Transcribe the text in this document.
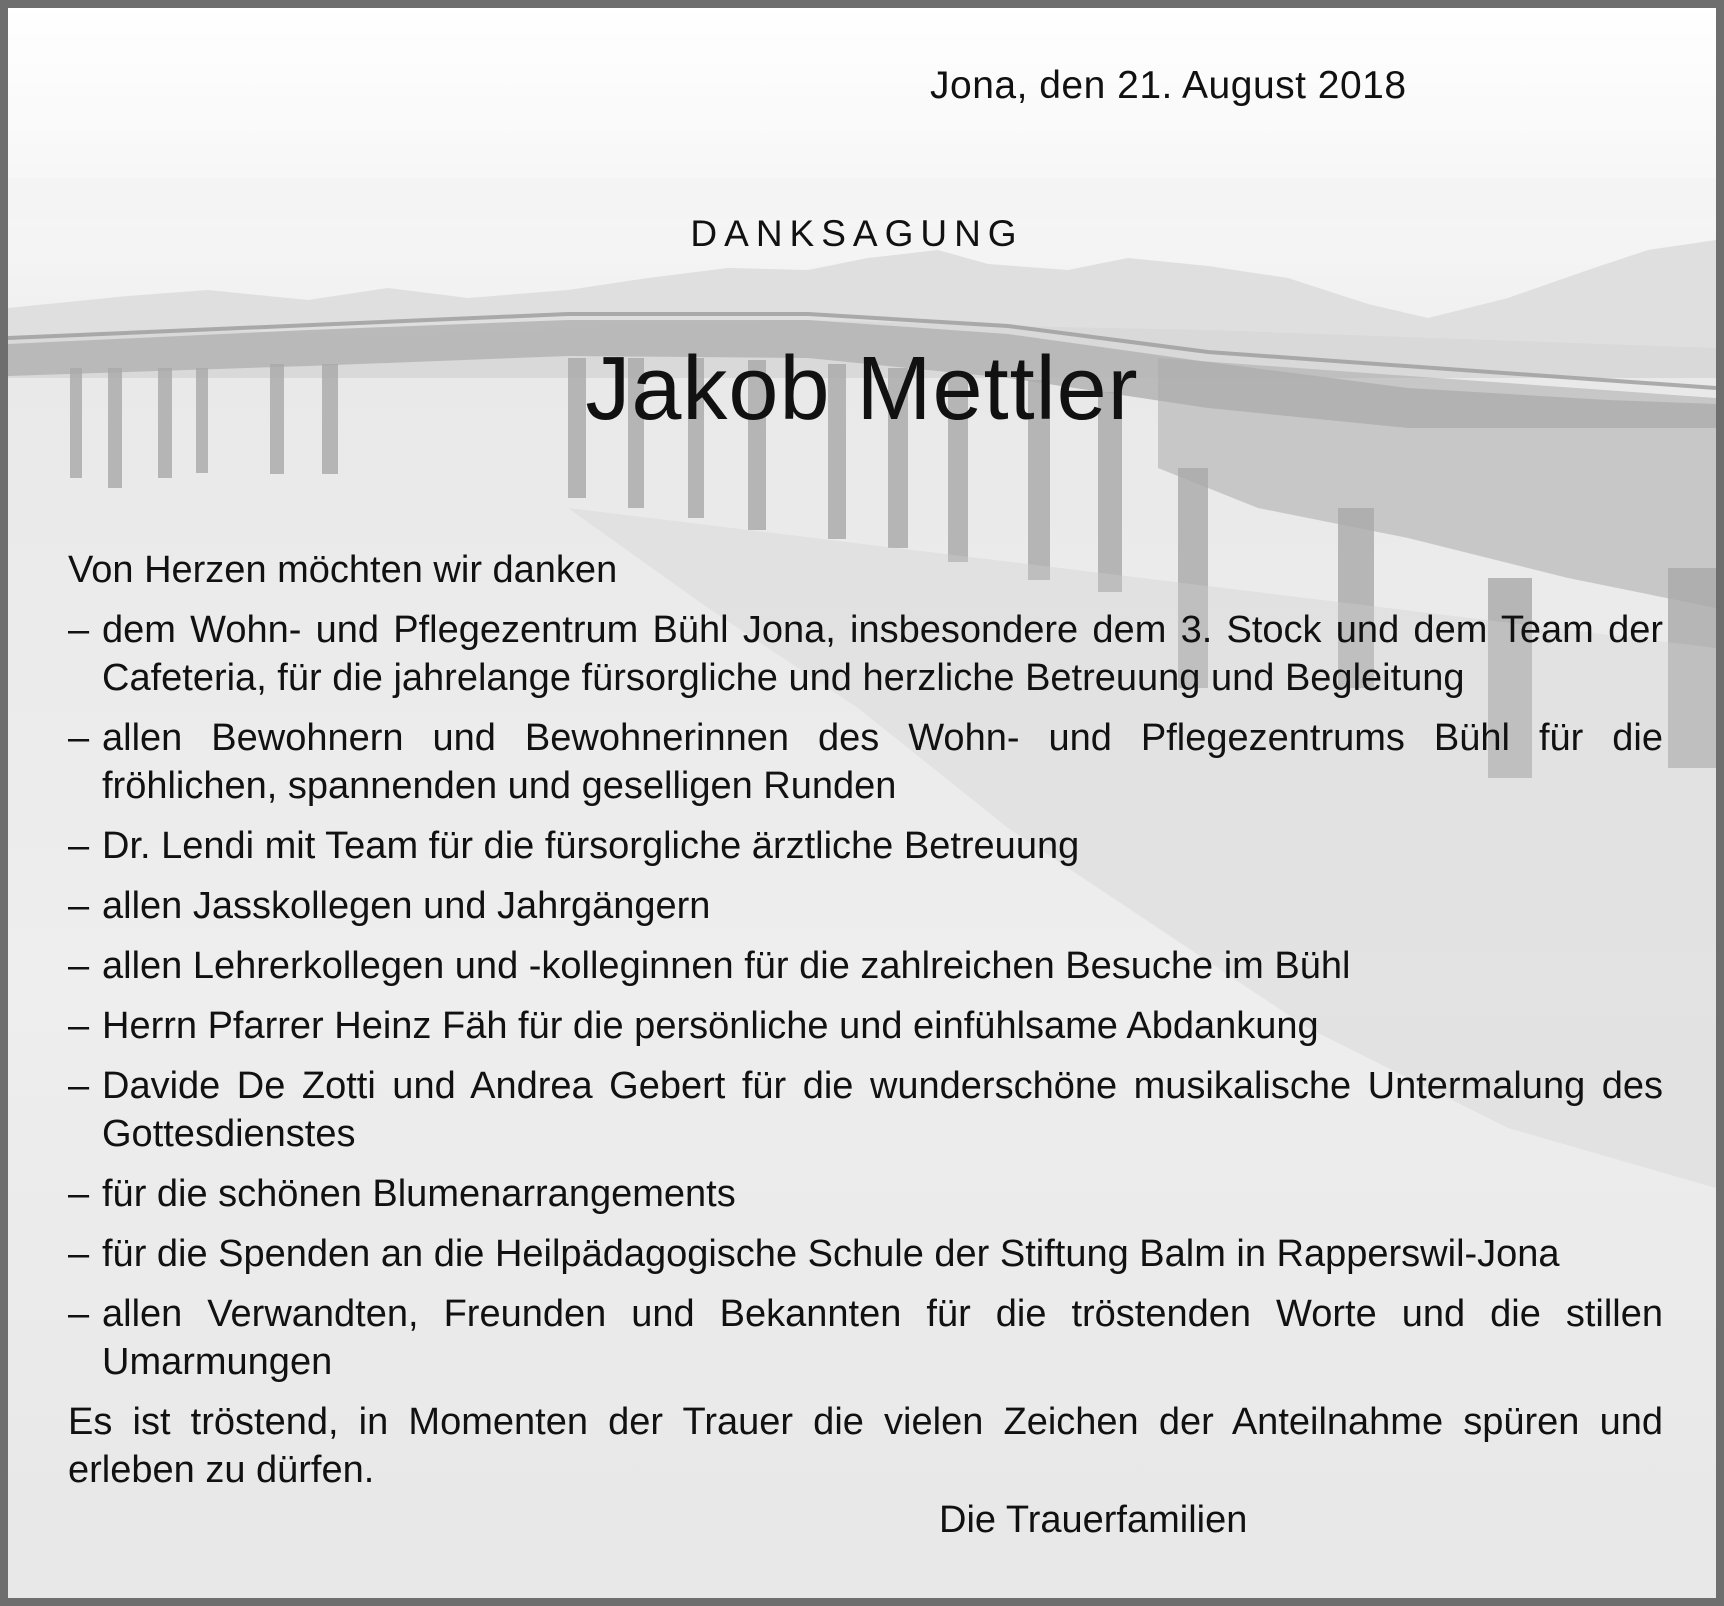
Jona, den 21. August 2018
DANKSAGUNG
Jakob Mettler

Von Herzen möchten wir danken

– dem Wohn- und Pflegezentrum Bühl Jona, insbesondere dem 3. Stock und dem Team der Cafeteria, für die jahrelange fürsorgliche und herzliche Betreuung und Begleitung
– allen Bewohnern und Bewohnerinnen des Wohn- und Pflegezentrums Bühl für die fröhlichen, spannenden und geselligen Runden
– Dr. Lendi mit Team für die fürsorgliche ärztliche Betreuung
– allen Jasskollegen und Jahrgängern
– allen Lehrerkollegen und -kolleginnen für die zahlreichen Besuche im Bühl
– Herrn Pfarrer Heinz Fäh für die persönliche und einfühlsame Abdankung
– Davide De Zotti und Andrea Gebert für die wunderschöne musikalische Untermalung des Gottesdienstes
– für die schönen Blumenarrangements
– für die Spenden an die Heilpädagogische Schule der Stiftung Balm in Rapperswil-Jona
– allen Verwandten, Freunden und Bekannten für die tröstenden Worte und die stillen Umarmungen

Es ist tröstend, in Momenten der Trauer die vielen Zeichen der Anteilnahme spüren und erleben zu dürfen.

Die Trauerfamilien
